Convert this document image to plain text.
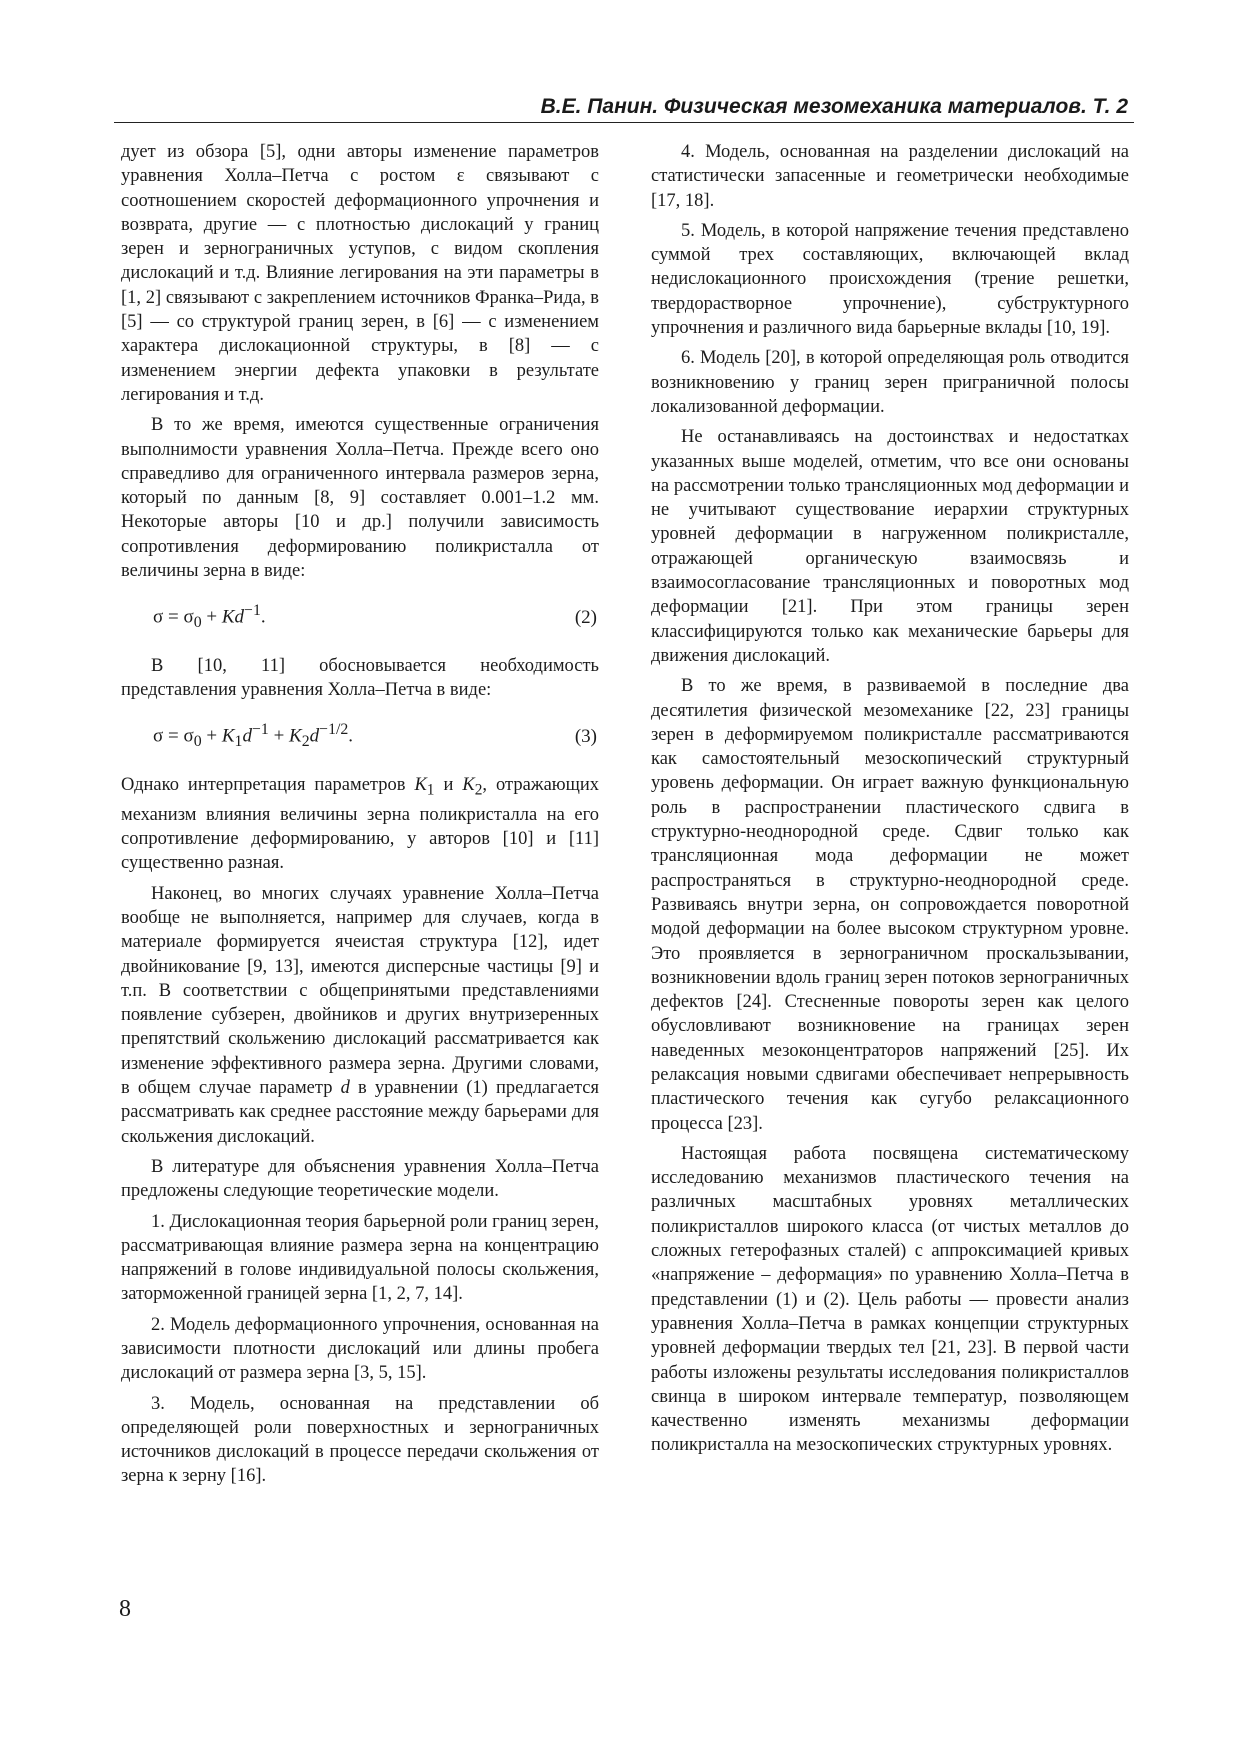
В.Е. Панин. Физическая мезомеханика материалов. Т. 2

дует из обзора [5], одни авторы изменение параметров уравнения Холла–Петча с ростом ε связывают с соотношением скоростей деформационного упрочнения и возврата, другие — с плотностью дислокаций у границ зерен и зернограничных уступов, с видом скопления дислокаций и т.д. Влияние легирования на эти параметры в [1, 2] связывают с закреплением источников Франка–Рида, в [5] — со структурой границ зерен, в [6] — с изменением характера дислокационной структуры, в [8] — с изменением энергии дефекта упаковки в результате легирования и т.д.

В то же время, имеются существенные ограничения выполнимости уравнения Холла–Петча. Прежде всего оно справедливо для ограниченного интервала размеров зерна, который по данным [8, 9] составляет 0.001–1.2 мм. Некоторые авторы [10 и др.] получили зависимость сопротивления деформированию поликристалла от величины зерна в виде:

$\sigma = \sigma_0 + Kd^{-1}$.	(2)

В [10, 11] обосновывается необходимость представления уравнения Холла–Петча в виде:

$\sigma = \sigma_0 + K_1d^{-1} + K_2d^{-1/2}$.	(3)

Однако интерпретация параметров $K_1$ и $K_2$, отражающих механизм влияния величины зерна поликристалла на его сопротивление деформированию, у авторов [10] и [11] существенно разная.

Наконец, во многих случаях уравнение Холла–Петча вообще не выполняется, например для случаев, когда в материале формируется ячеистая структура [12], идет двойникование [9, 13], имеются дисперсные частицы [9] и т.п. В соответствии с общепринятыми представлениями появление субзерен, двойников и других внутризеренных препятствий скольжению дислокаций рассматривается как изменение эффективного размера зерна. Другими словами, в общем случае параметр d в уравнении (1) предлагается рассматривать как среднее расстояние между барьерами для скольжения дислокаций.

В литературе для объяснения уравнения Холла–Петча предложены следующие теоретические модели.

1. Дислокационная теория барьерной роли границ зерен, рассматривающая влияние размера зерна на концентрацию напряжений в голове индивидуальной полосы скольжения, заторможенной границей зерна [1, 2, 7, 14].

2. Модель деформационного упрочнения, основанная на зависимости плотности дислокаций или длины пробега дислокаций от размера зерна [3, 5, 15].

3. Модель, основанная на представлении об определяющей роли поверхностных и зернограничных источников дислокаций в процессе передачи скольжения от зерна к зерну [16].

4. Модель, основанная на разделении дислокаций на статистически запасенные и геометрически необходимые [17, 18].

5. Модель, в которой напряжение течения представлено суммой трех составляющих, включающей вклад недислокационного происхождения (трение решетки, твердорастворное упрочнение), субструктурного упрочнения и различного вида барьерные вклады [10, 19].

6. Модель [20], в которой определяющая роль отводится возникновению у границ зерен приграничной полосы локализованной деформации.

Не останавливаясь на достоинствах и недостатках указанных выше моделей, отметим, что все они основаны на рассмотрении только трансляционных мод деформации и не учитывают существование иерархии структурных уровней деформации в нагруженном поликристалле, отражающей органическую взаимосвязь и взаимосогласование трансляционных и поворотных мод деформации [21]. При этом границы зерен классифицируются только как механические барьеры для движения дислокаций.

В то же время, в развиваемой в последние два десятилетия физической мезомеханике [22, 23] границы зерен в деформируемом поликристалле рассматриваются как самостоятельный мезоскопический структурный уровень деформации. Он играет важную функциональную роль в распространении пластического сдвига в структурно-неоднородной среде. Сдвиг только как трансляционная мода деформации не может распространяться в структурно-неоднородной среде. Развиваясь внутри зерна, он сопровождается поворотной модой деформации на более высоком структурном уровне. Это проявляется в зернограничном проскальзывании, возникновении вдоль границ зерен потоков зернограничных дефектов [24]. Стесненные повороты зерен как целого обусловливают возникновение на границах зерен наведенных мезоконцентраторов напряжений [25]. Их релаксация новыми сдвигами обеспечивает непрерывность пластического течения как сугубо релаксационного процесса [23].

Настоящая работа посвящена систематическому исследованию механизмов пластического течения на различных масштабных уровнях металлических поликристаллов широкого класса (от чистых металлов до сложных гетерофазных сталей) с аппроксимацией кривых «напряжение – деформация» по уравнению Холла–Петча в представлении (1) и (2). Цель работы — провести анализ уравнения Холла–Петча в рамках концепции структурных уровней деформации твердых тел [21, 23]. В первой части работы изложены результаты исследования поликристаллов свинца в широком интервале температур, позволяющем качественно изменять механизмы деформации поликристалла на мезоскопических структурных уровнях.

8
